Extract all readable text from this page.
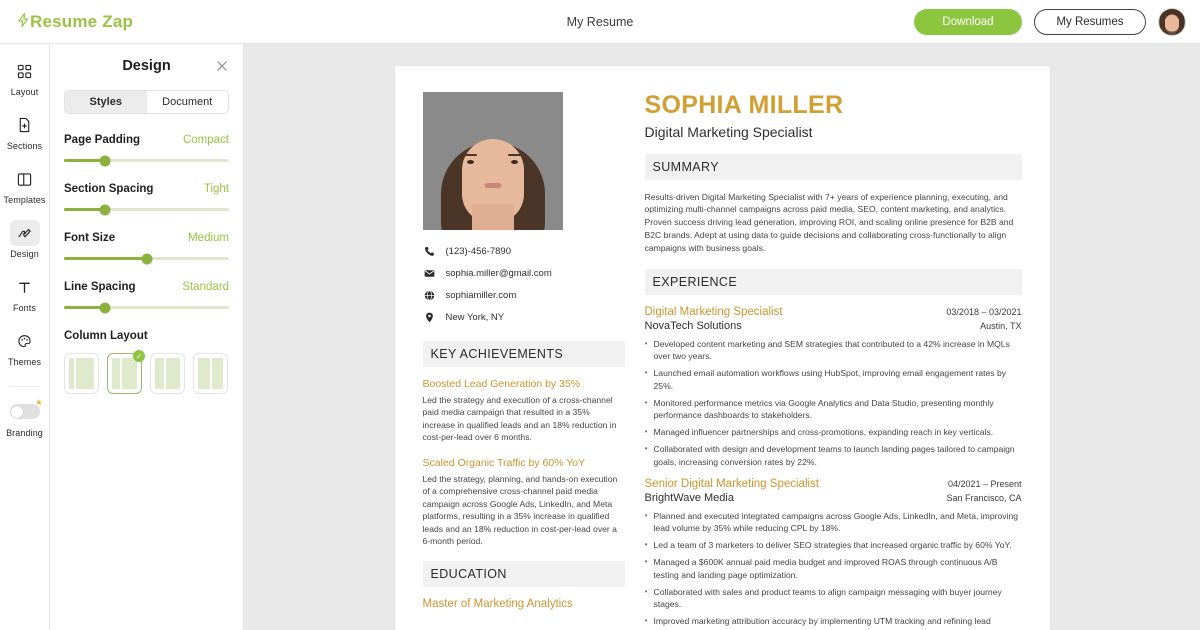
Resume Zap	My Resume	Download	My Resumes
Layout
Sections
Templates
Design
Fonts
Themes
★
Branding
Design
Styles	Document
Page Padding	Compact
Section Spacing	Tight
Font Size	Medium
Line Spacing	Standard
Column Layout
✓
(123)-456-7890
sophia.miller@gmail.com
sophiamiller.com
New York, NY
KEY ACHIEVEMENTS
Boosted Lead Generation by 35%
Led the strategy and execution of a cross-channel paid media campaign that resulted in a 35% increase in qualified leads and an 18% reduction in cost-per-lead over 6 months.
Scaled Organic Traffic by 60% YoY
Led the strategy, planning, and hands-on execution of a comprehensive cross-channel paid media campaign across Google Ads, LinkedIn, and Meta platforms, resulting in a 35% increase in qualified leads and an 18% reduction in cost-per-lead over a 6-month period.
EDUCATION
Master of Marketing Analytics
SOPHIA MILLER
Digital Marketing Specialist
SUMMARY
Results-driven Digital Marketing Specialist with 7+ years of experience planning, executing, and optimizing multi-channel campaigns across paid media, SEO, content marketing, and analytics. Proven success driving lead generation, improving ROI, and scaling online presence for B2B and B2C brands. Adept at using data to guide decisions and collaborating cross-functionally to align campaigns with business goals.
EXPERIENCE
Digital Marketing Specialist	03/2018 – 03/2021
NovaTech Solutions	Austin, TX
• Developed content marketing and SEM strategies that contributed to a 42% increase in MQLs over two years.
• Launched email automation workflows using HubSpot, improving email engagement rates by 25%.
• Monitored performance metrics via Google Analytics and Data Studio, presenting monthly performance dashboards to stakeholders.
• Managed influencer partnerships and cross-promotions, expanding reach in key verticals.
• Collaborated with design and development teams to launch landing pages tailored to campaign goals, increasing conversion rates by 22%.
Senior Digital Marketing Specialist	04/2021 – Present
BrightWave Media	San Francisco, CA
• Planned and executed integrated campaigns across Google Ads, LinkedIn, and Meta, improving lead volume by 35% while reducing CPL by 18%.
• Led a team of 3 marketers to deliver SEO strategies that increased organic traffic by 60% YoY.
• Managed a $600K annual paid media budget and improved ROAS through continuous A/B testing and landing page optimization.
• Collaborated with sales and product teams to align campaign messaging with buyer journey stages.
• Improved marketing attribution accuracy by implementing UTM tracking and refining lead
